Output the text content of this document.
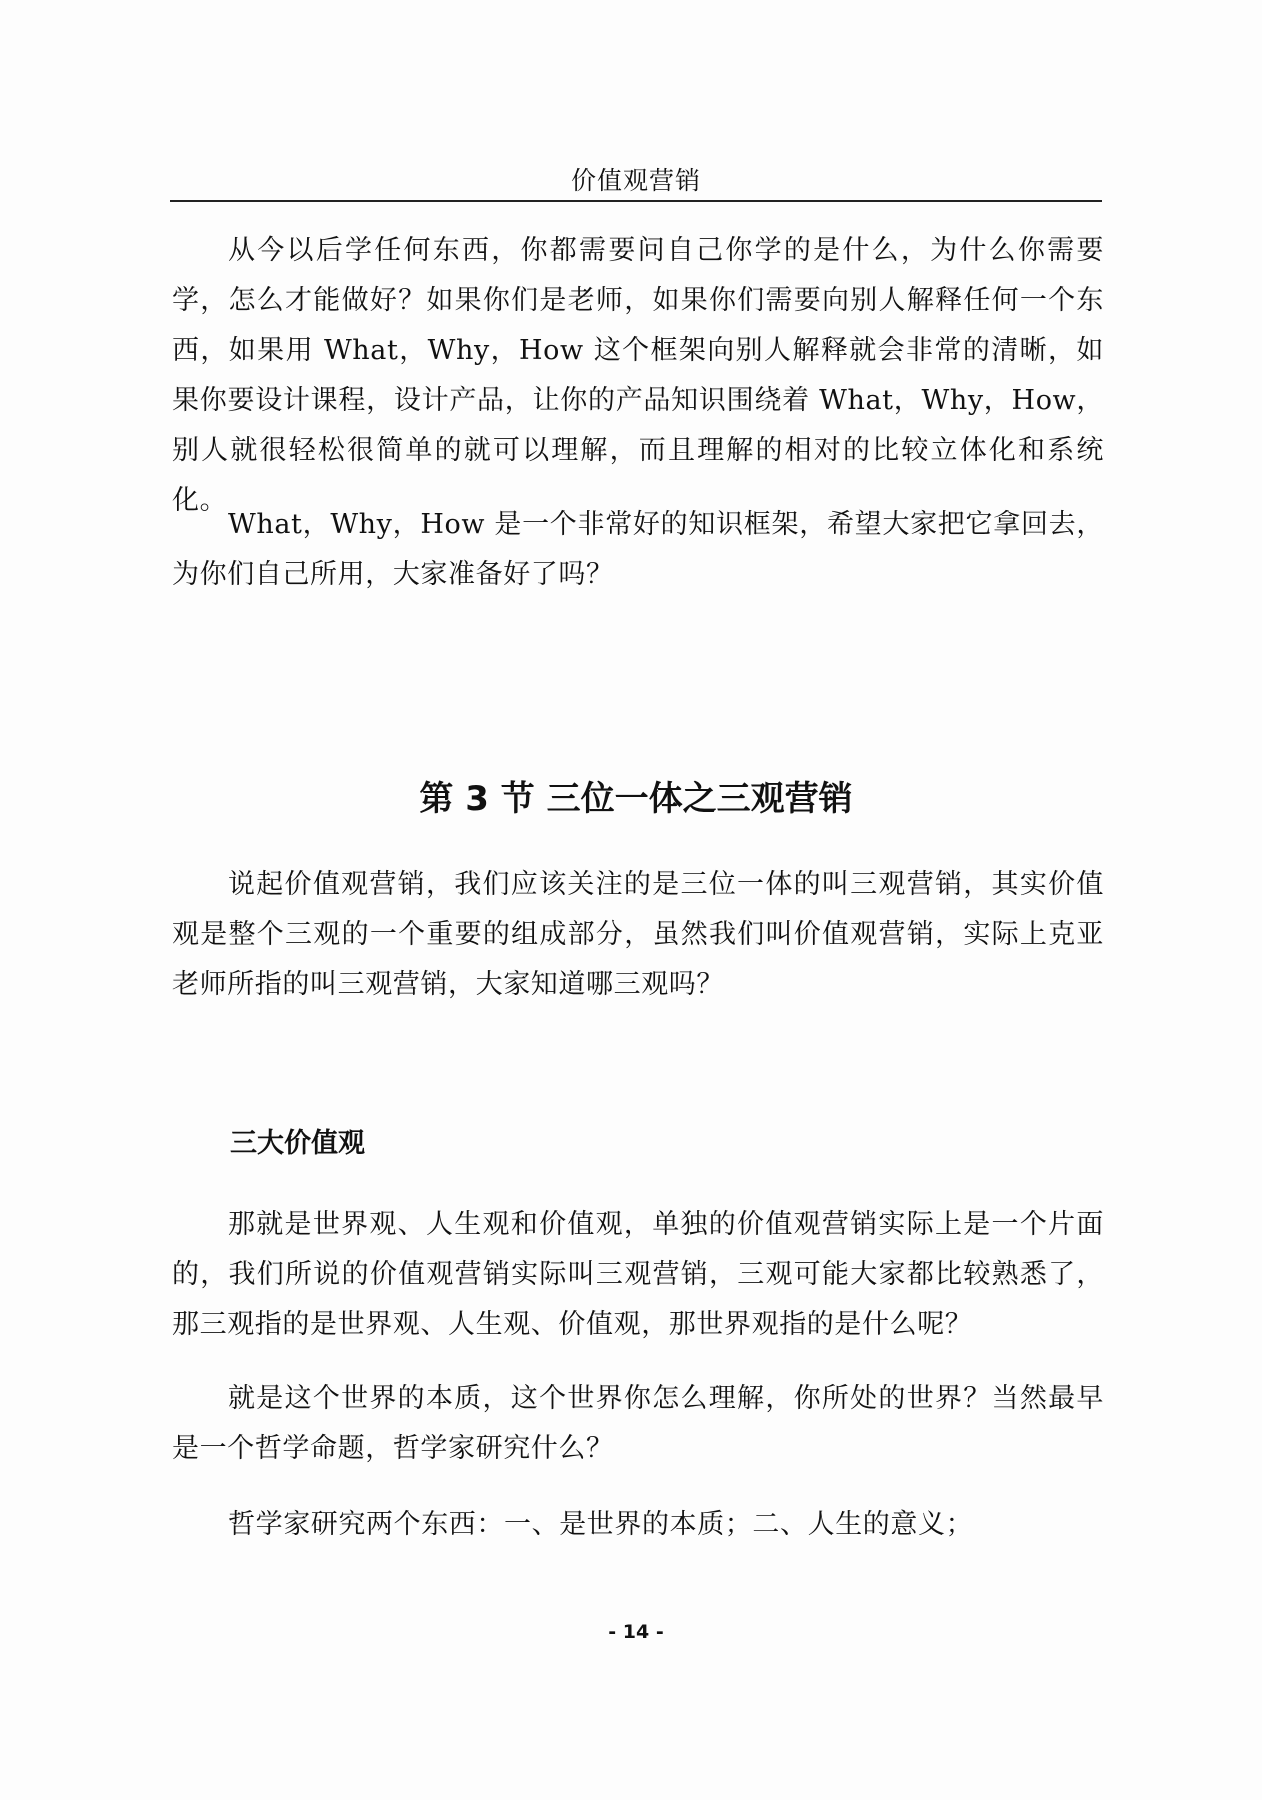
价值观营销

从今以后学任何东西，你都需要问自己你学的是什么，为什么你需要学，怎么才能做好？如果你们是老师，如果你们需要向别人解释任何一个东西，如果用 What，Why，How 这个框架向别人解释就会非常的清晰，如果你要设计课程，设计产品，让你的产品知识围绕着 What，Why，How，别人就很轻松很简单的就可以理解，而且理解的相对的比较立体化和系统化。

What，Why，How 是一个非常好的知识框架，希望大家把它拿回去，为你们自己所用，大家准备好了吗？

第 3 节 三位一体之三观营销

说起价值观营销，我们应该关注的是三位一体的叫三观营销，其实价值观是整个三观的一个重要的组成部分，虽然我们叫价值观营销，实际上克亚老师所指的叫三观营销，大家知道哪三观吗？

三大价值观

那就是世界观、人生观和价值观，单独的价值观营销实际上是一个片面的，我们所说的价值观营销实际叫三观营销，三观可能大家都比较熟悉了，那三观指的是世界观、人生观、价值观，那世界观指的是什么呢？

就是这个世界的本质，这个世界你怎么理解，你所处的世界？当然最早是一个哲学命题，哲学家研究什么？

哲学家研究两个东西：一、是世界的本质；二、人生的意义；

- 14 -
